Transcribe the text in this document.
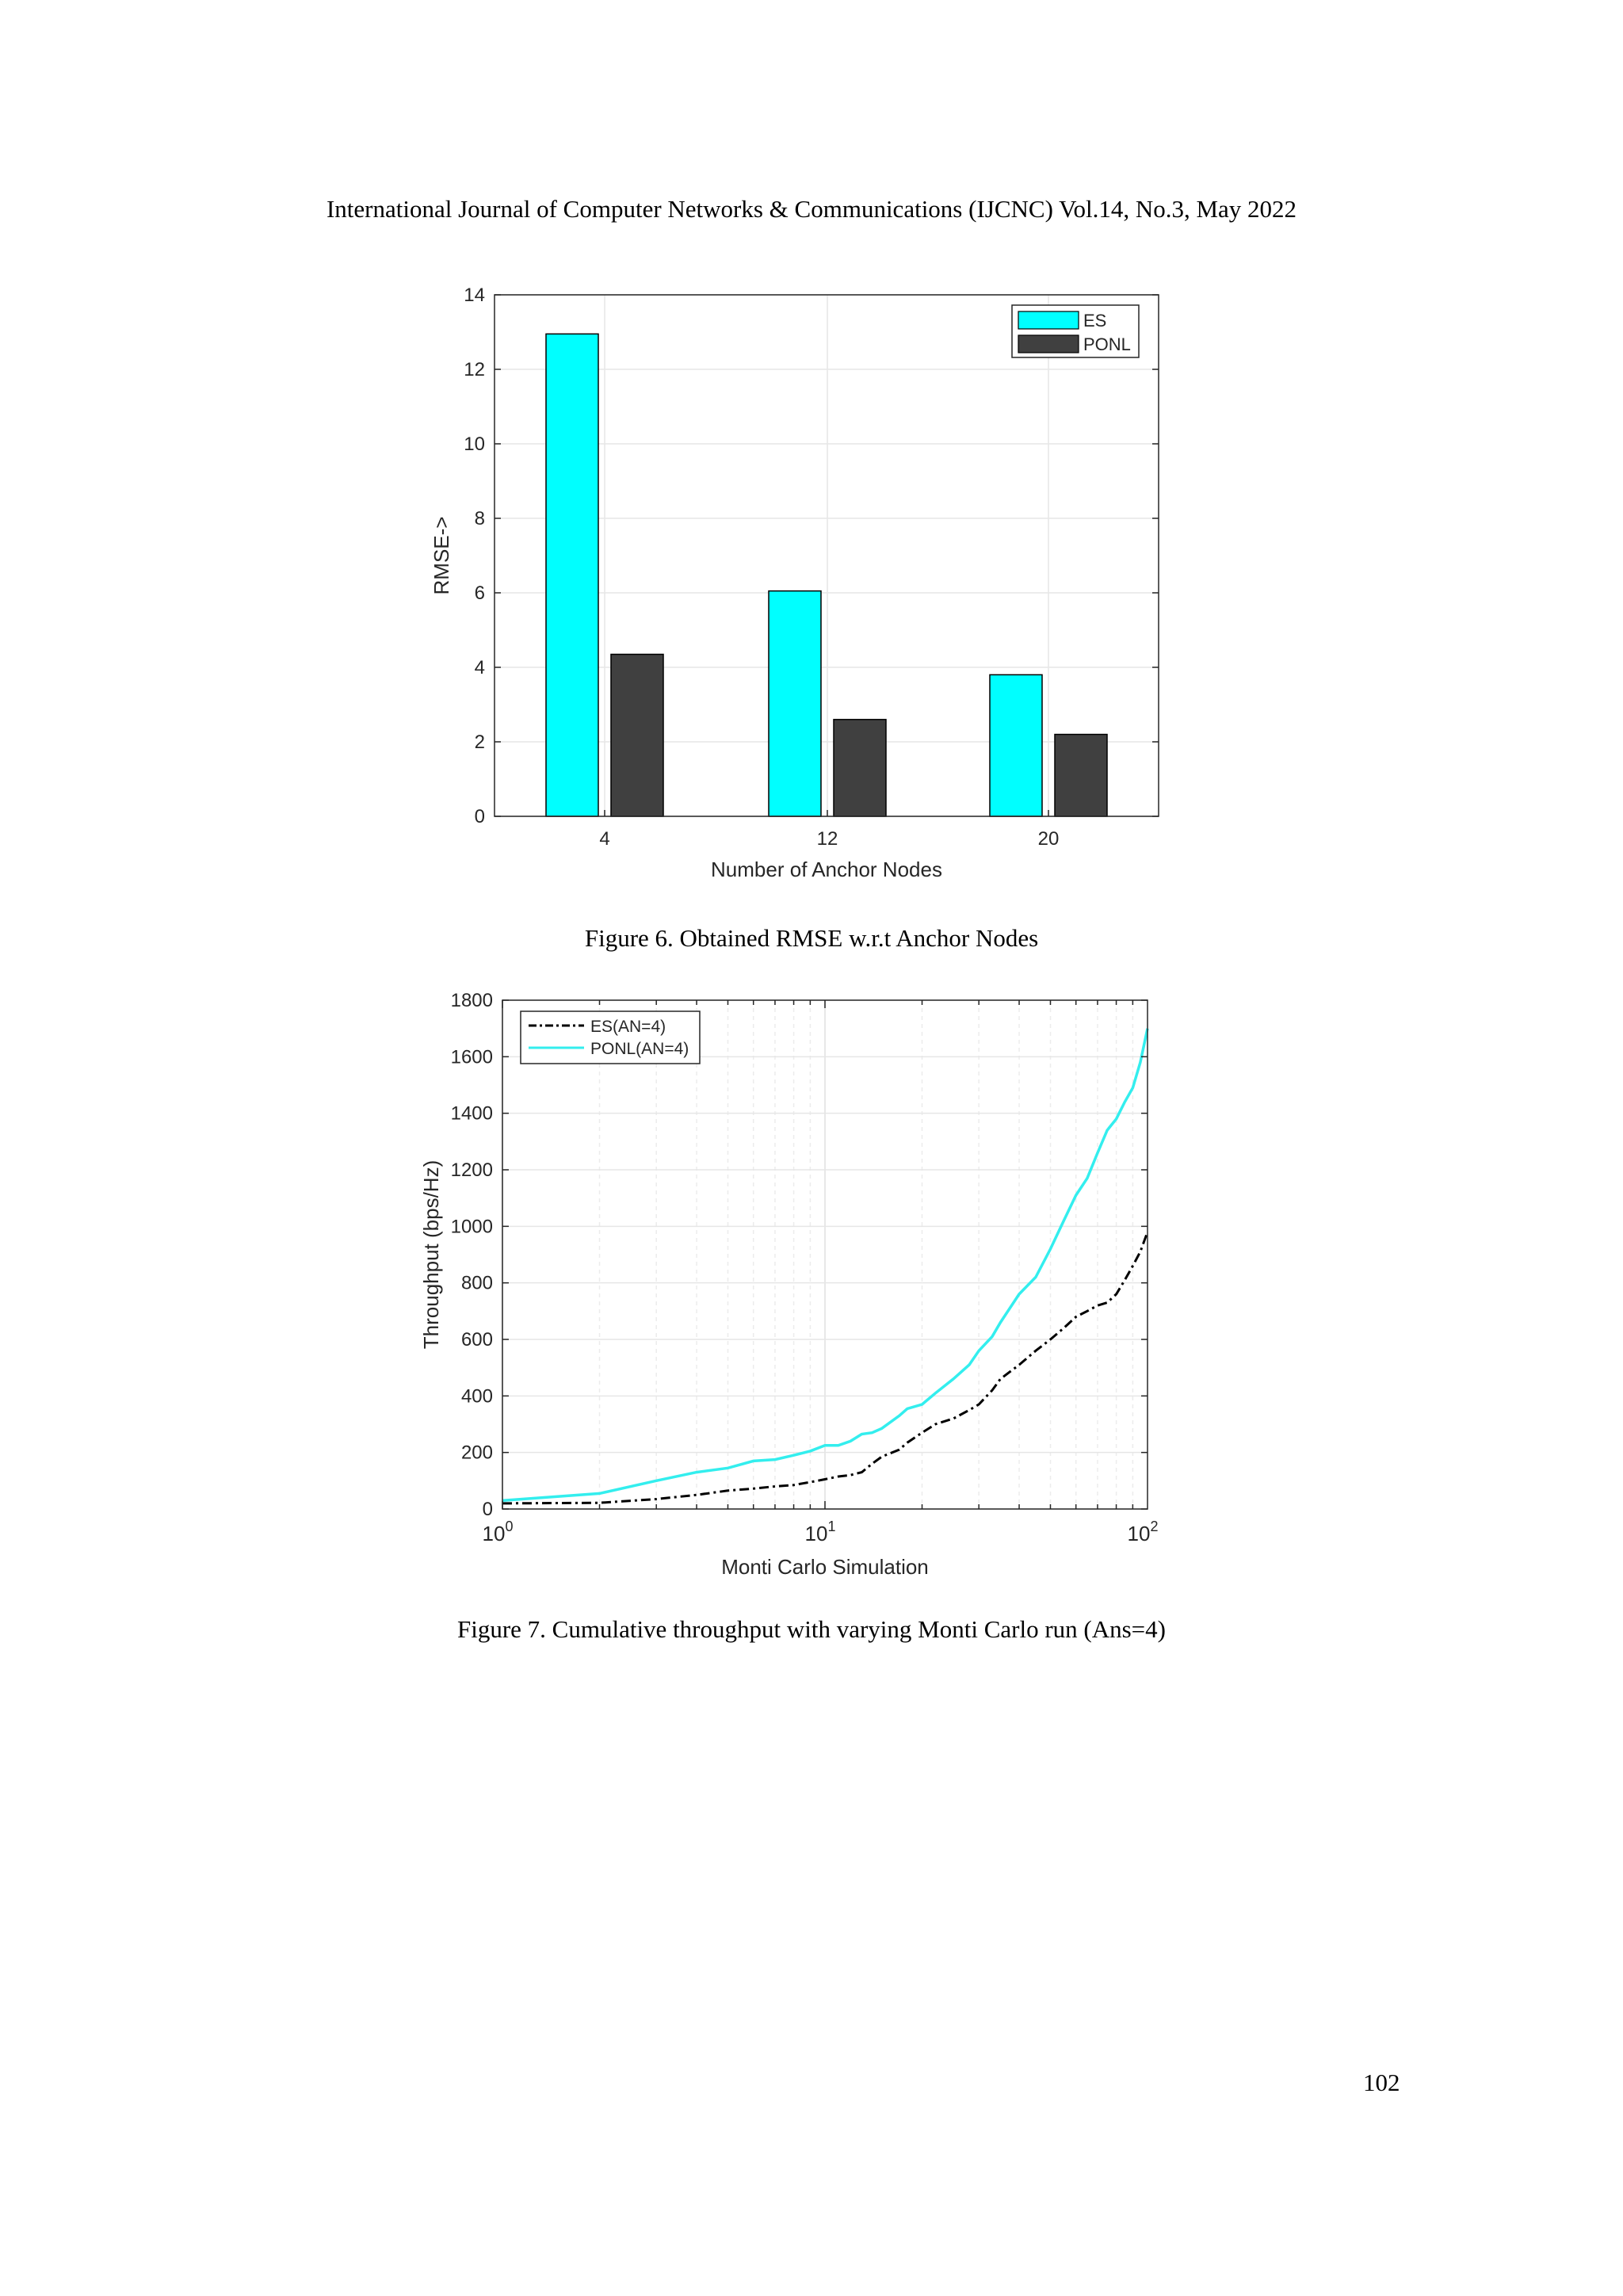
International Journal of Computer Networks & Communications (IJCNC) Vol.14, No.3, May 2022
0
2
4
6
8
10
12
14
4	12	20
Number of Anchor Nodes
RMSE->
ES
PONL
Figure 6. Obtained RMSE w.r.t Anchor Nodes
0
200
400
600
800
1000
1200
1400
1600
1800
$10^0$	$10^1$	$10^2$
Monti Carlo Simulation
Throughput (bps/Hz)
ES(AN=4)
PONL(AN=4)
Figure 7. Cumulative throughput with varying Monti Carlo run (Ans=4)
102
